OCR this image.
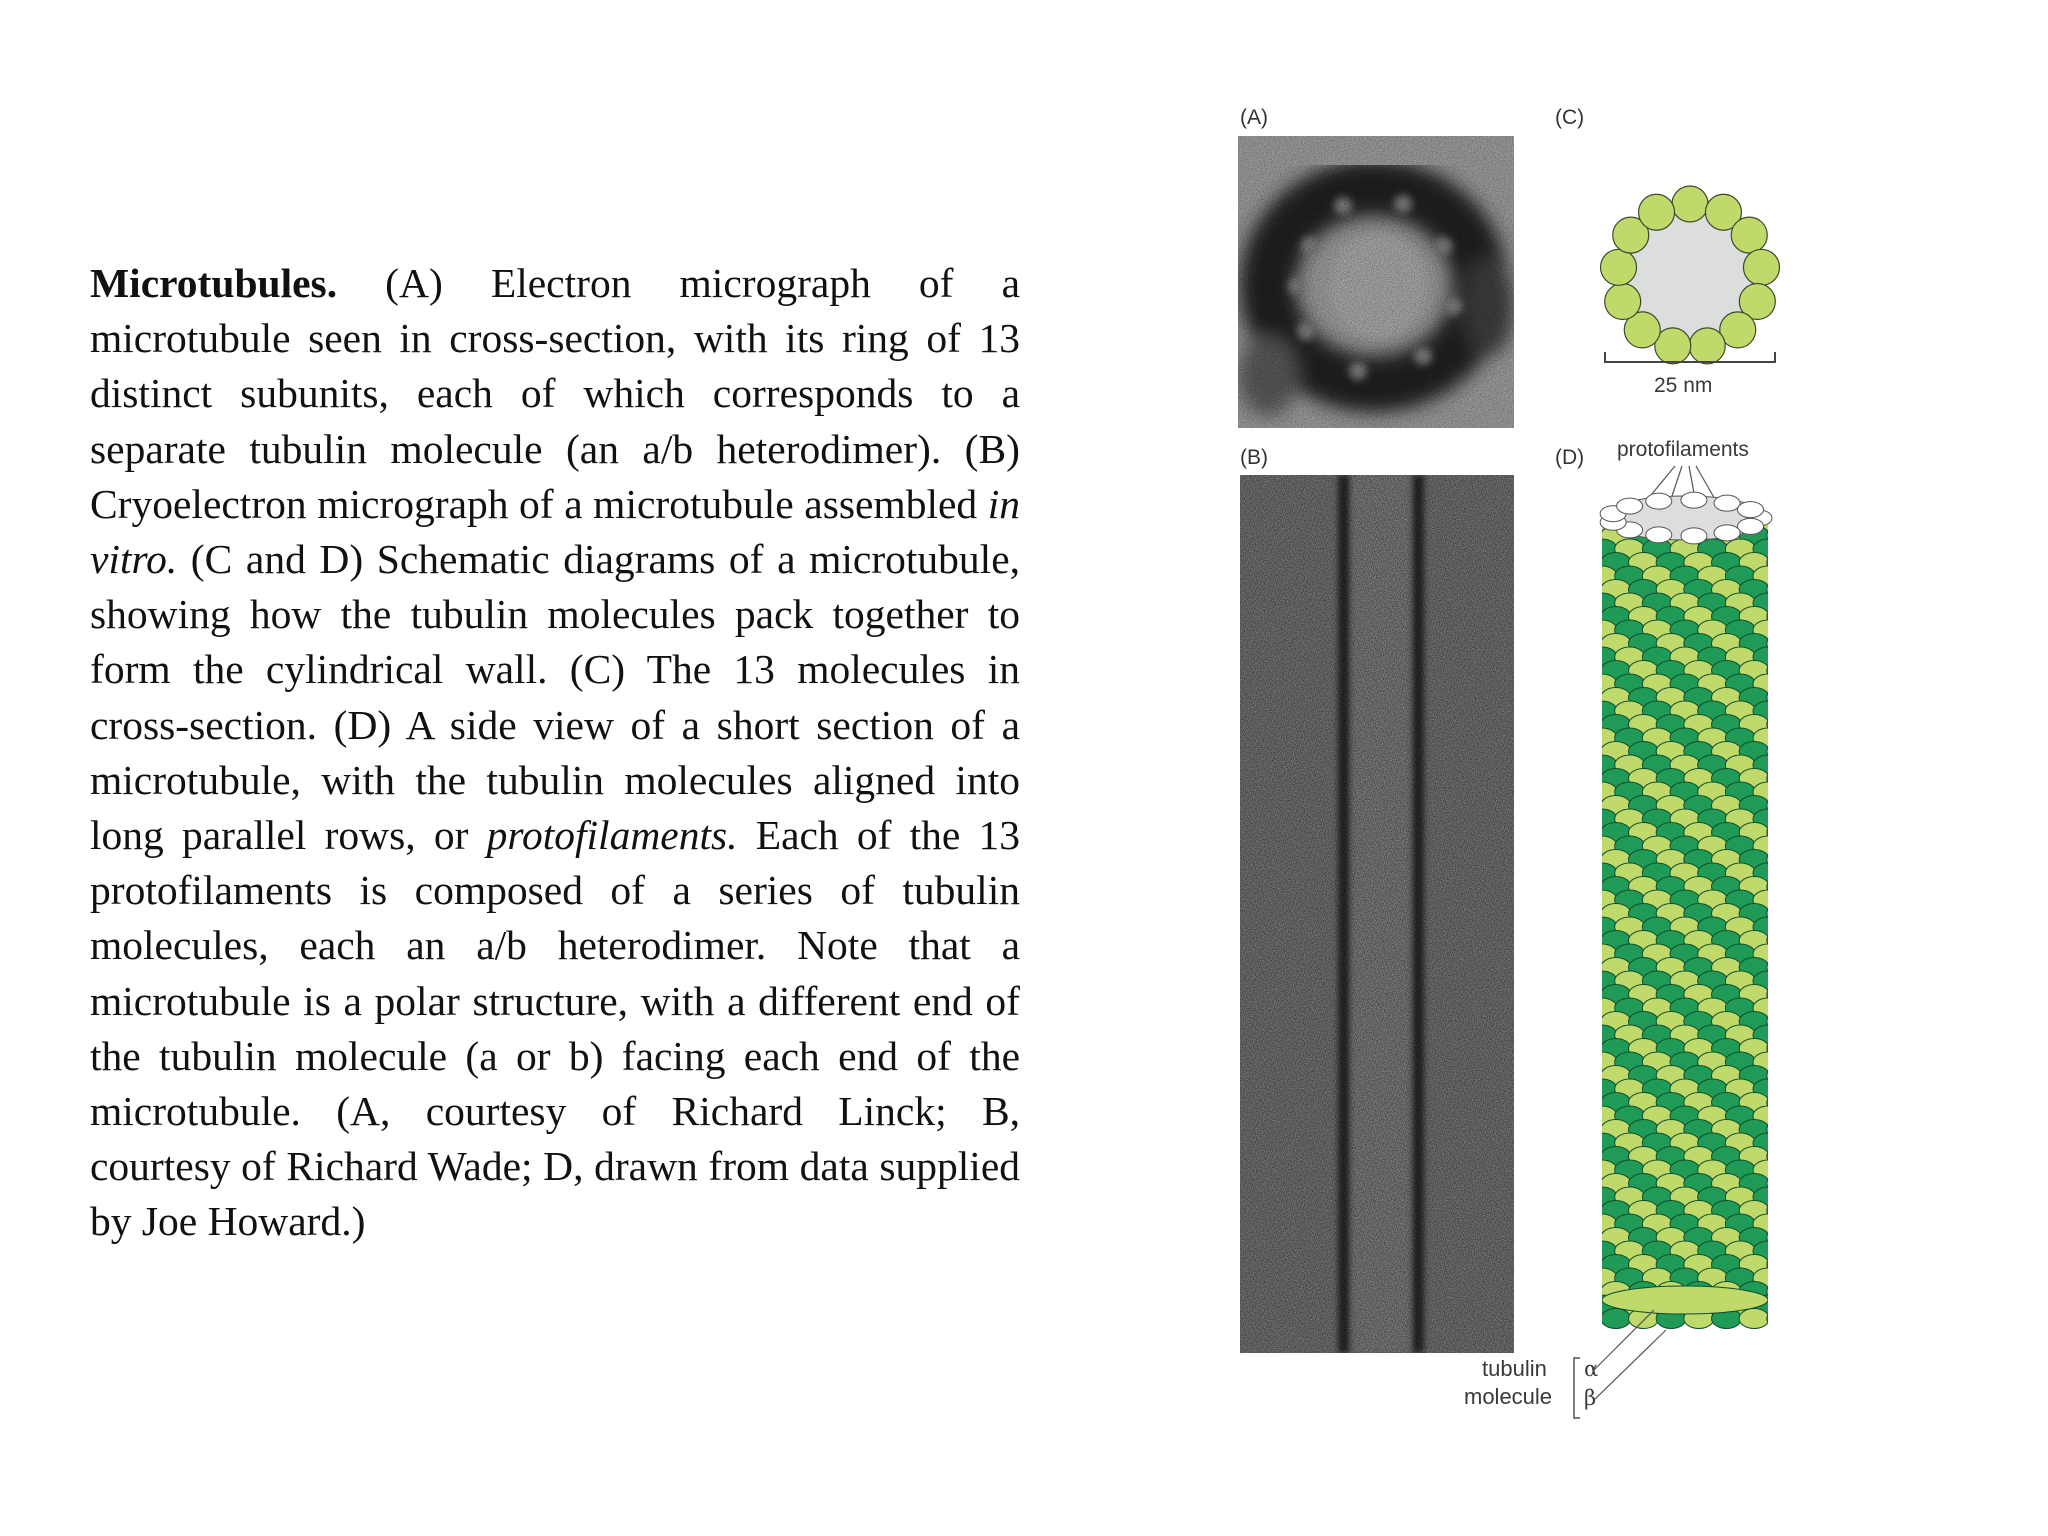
Microtubules. (A) Electron micrograph of a microtubule seen in cross-section, with its ring of 13 distinct subunits, each of which corresponds to a separate tubulin molecule (an a/b heterodimer). (B) Cryoelectron micrograph of a microtubule assembled in vitro. (C and D) Schematic diagrams of a microtubule, showing how the tubulin molecules pack together to form the cylindrical wall. (C) The 13 molecules in cross-section. (D) A side view of a short section of a microtubule, with the tubulin molecules aligned into long parallel rows, or protofilaments. Each of the 13 protofilaments is composed of a series of tubulin molecules, each an a/b heterodimer. Note that a microtubule is a polar structure, with a different end of the tubulin molecule (a or b) facing each end of the microtubule. (A, courtesy of Richard Linck; B, courtesy of Richard Wade; D, drawn from data supplied by Joe Howard.)
(A)	(C)
(B)	(D)
25 nm
protofilaments
tubulin
molecule
α
β
